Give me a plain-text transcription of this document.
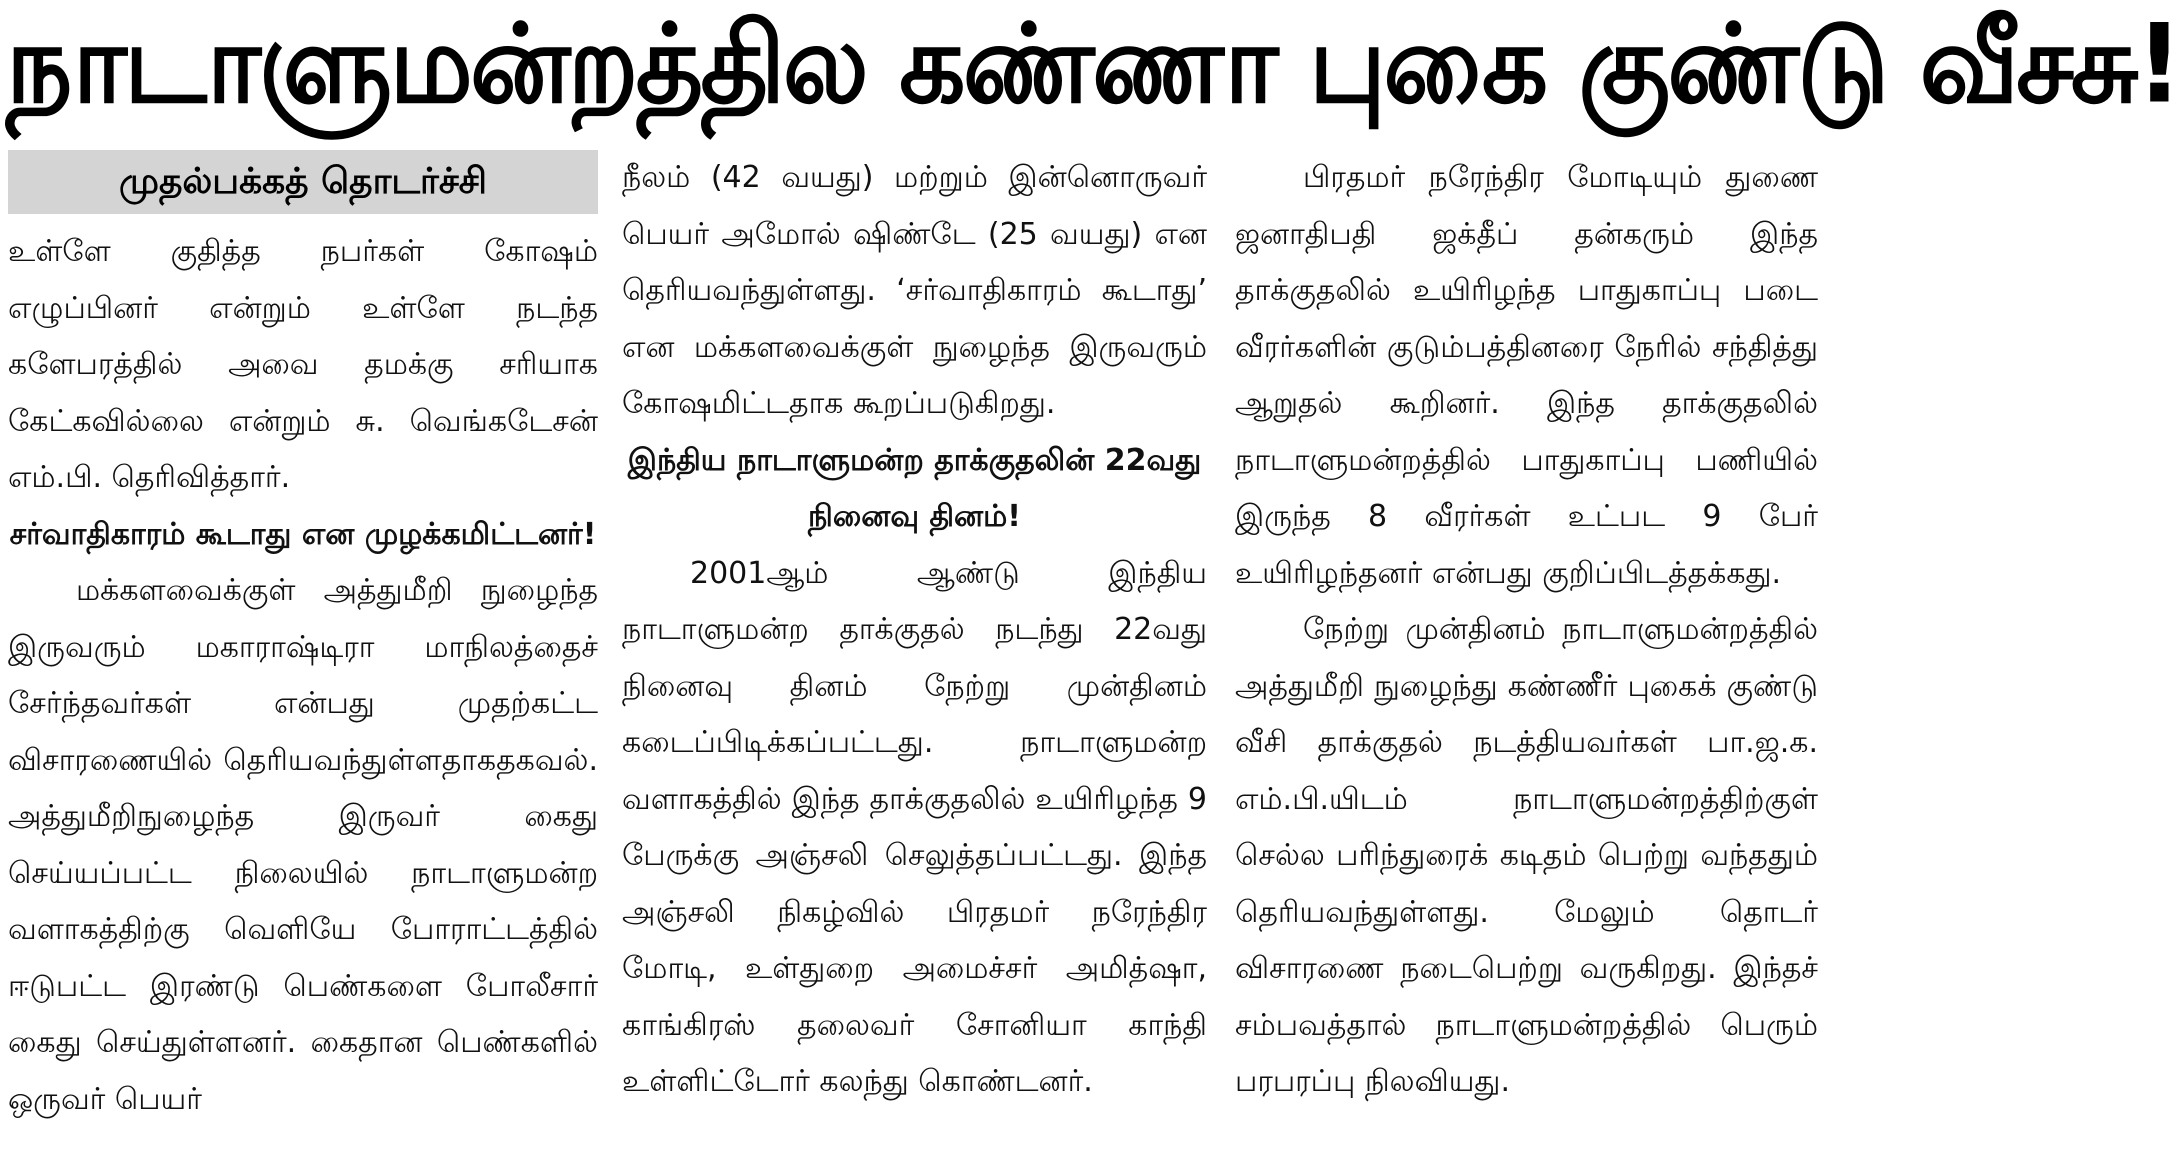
நாடாளுமன்றத்தில கண்ணா புகை குண்டு வீசசு!
முதல்பக்கத் தொடர்ச்சி

உள்ளே குதித்த நபர்கள் கோஷம் எழுப்பினர் என்றும் உள்ளே நடந்த களேபரத்தில் அவை தமக்கு சரியாக கேட்கவில்லை என்றும் சு. வெங்கடேசன் எம்.பி. தெரிவித்தார்.

சர்வாதிகாரம் கூடாது என முழக்கமிட்டனர்!

மக்களவைக்குள் அத்துமீறி நுழைந்த இருவரும் மகாராஷ்டிரா மாநிலத்தைச் சேர்ந்தவர்கள் என்பது முதற்கட்ட விசாரணையில் தெரியவந்துள்ளதாகதகவல். அத்துமீறிநுழைந்த இருவர் கைது செய்யப்பட்ட நிலையில் நாடாளுமன்ற வளாகத்திற்கு வெளியே போராட்டத்தில் ஈடுபட்ட இரண்டு பெண்களை போலீசார் கைது செய்துள்ளனர். கைதான பெண்களில் ஒருவர் பெயர்

நீலம் (42 வயது) மற்றும் இன்னொருவர் பெயர் அமோல் ஷிண்டே (25 வயது) என தெரியவந்துள்ளது. ‘சர்வாதிகாரம் கூடாது’ என மக்களவைக்குள் நுழைந்த இருவரும் கோஷமிட்டதாக கூறப்படுகிறது.

இந்திய நாடாளுமன்ற தாக்குதலின் 22வது நினைவு தினம்!

2001ஆம் ஆண்டு இந்திய நாடாளுமன்ற தாக்குதல் நடந்து 22வது நினைவு தினம் நேற்று முன்தினம் கடைப்பிடிக்கப்பட்டது. நாடாளுமன்ற வளாகத்தில் இந்த தாக்குதலில் உயிரிழந்த 9 பேருக்கு அஞ்சலி செலுத்தப்பட்டது. இந்த அஞ்சலி நிகழ்வில் பிரதமர் நரேந்திர மோடி, உள்துறை அமைச்சர் அமித்ஷா, காங்கிரஸ் தலைவர் சோனியா காந்தி உள்ளிட்டோர் கலந்து கொண்டனர்.

பிரதமர் நரேந்திர மோடியும் துணை ஜனாதிபதி ஜக்தீப் தன்கரும் இந்த தாக்குதலில் உயிரிழந்த பாதுகாப்பு படை வீரர்களின் குடும்பத்தினரை நேரில் சந்தித்து ஆறுதல் கூறினர். இந்த தாக்குதலில் நாடாளுமன்றத்தில் பாதுகாப்பு பணியில் இருந்த 8 வீரர்கள் உட்பட 9 பேர் உயிரிழந்தனர் என்பது குறிப்பிடத்தக்கது.

நேற்று முன்தினம் நாடாளுமன்றத்தில் அத்துமீறி நுழைந்து கண்ணீர் புகைக் குண்டு வீசி தாக்குதல் நடத்தியவர்கள் பா.ஜ.க. எம்.பி.யிடம் நாடாளுமன்றத்திற்குள் செல்ல பரிந்துரைக் கடிதம் பெற்று வந்ததும் தெரியவந்துள்ளது. மேலும் தொடர் விசாரணை நடைபெற்று வருகிறது. இந்தச் சம்பவத்தால் நாடாளுமன்றத்தில் பெரும் பரபரப்பு நிலவியது.
